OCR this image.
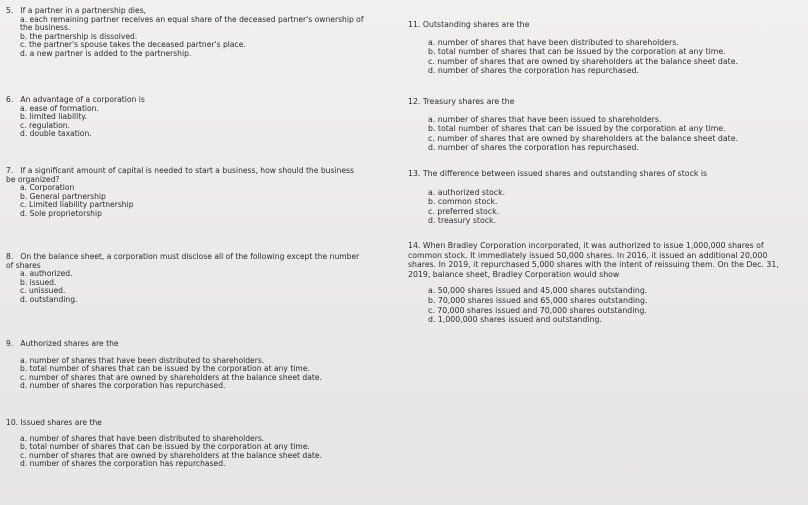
5. If a partner in a partnership dies,
a. each remaining partner receives an equal share of the deceased partner's ownership of the business.
b. the partnership is dissolved.
c. the partner's spouse takes the deceased partner's place.
d. a new partner is added to the partnership.
6. An advantage of a corporation is
a. ease of formation.
b. limited liability.
c. regulation.
d. double taxation.
7. If a significant amount of capital is needed to start a business, how should the business be organized?
a. Corporation
b. General partnership
c. Limited liability partnership
d. Sole proprietorship
8. On the balance sheet, a corporation must disclose all of the following except the number of shares
a. authorized.
b. issued.
c. unissued.
d. outstanding.
9. Authorized shares are the
a. number of shares that have been distributed to shareholders.
b. total number of shares that can be issued by the corporation at any time.
c. number of shares that are owned by shareholders at the balance sheet date.
d. number of shares the corporation has repurchased.
10. Issued shares are the
a. number of shares that have been distributed to shareholders.
b. total number of shares that can be issued by the corporation at any time.
c. number of shares that are owned by shareholders at the balance sheet date.
d. number of shares the corporation has repurchased.
11. Outstanding shares are the
a. number of shares that have been distributed to shareholders.
b. total number of shares that can be issued by the corporation at any time.
c. number of shares that are owned by shareholders at the balance sheet date.
d. number of shares the corporation has repurchased.
12. Treasury shares are the
a. number of shares that have been issued to shareholders.
b. total number of shares that can be issued by the corporation at any time.
c. number of shares that are owned by shareholders at the balance sheet date.
d. number of shares the corporation has repurchased.
13. The difference between issued shares and outstanding shares of stock is
a. authorized stock.
b. common stock.
c. preferred stock.
d. treasury stock.
14. When Bradley Corporation incorporated, it was authorized to issue 1,000,000 shares of common stock. It immediately issued 50,000 shares. In 2016, it issued an additional 20,000 shares. In 2019, it repurchased 5,000 shares with the intent of reissuing them. On the Dec. 31, 2019, balance sheet, Bradley Corporation would show
a. 50,000 shares issued and 45,000 shares outstanding.
b. 70,000 shares issued and 65,000 shares outstanding.
c. 70,000 shares issued and 70,000 shares outstanding.
d. 1,000,000 shares issued and outstanding.
